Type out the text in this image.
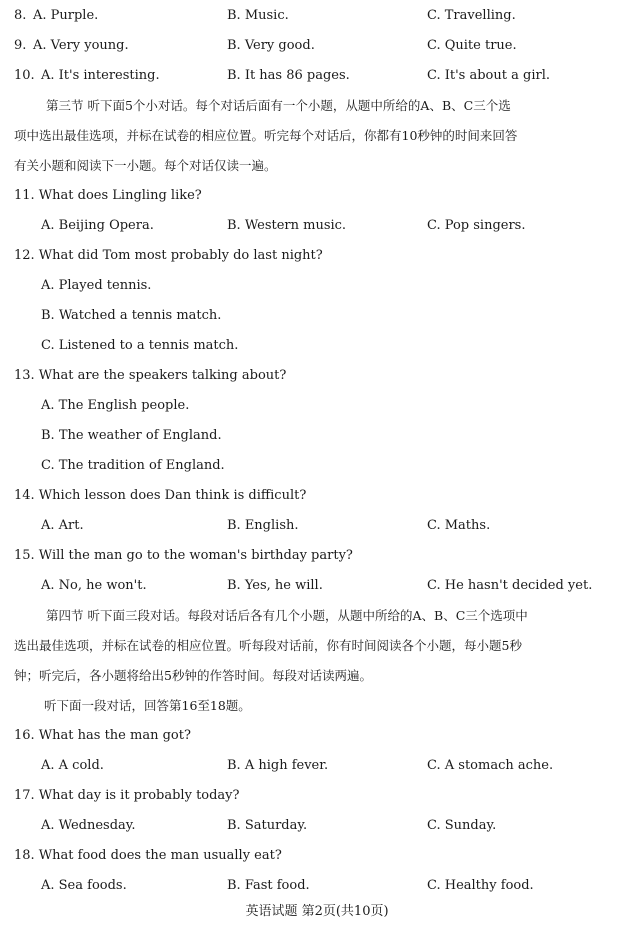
8. A. Purple.	B. Music.	C. Travelling.
9. A. Very young.	B. Very good.	C. Quite true.
10. A. It's interesting.	B. It has 86 pages.	C. It's about a girl.
第三节 听下面5个小对话。每个对话后面有一个小题，从题中所给的A、B、C三个选
项中选出最佳选项，并标在试卷的相应位置。听完每个对话后，你都有10秒钟的时间来回答
有关小题和阅读下一小题。每个对话仅读一遍。
11. What does Lingling like?
A. Beijing Opera.	B. Western music.	C. Pop singers.
12. What did Tom most probably do last night?
A. Played tennis.
B. Watched a tennis match.
C. Listened to a tennis match.
13. What are the speakers talking about?
A. The English people.
B. The weather of England.
C. The tradition of England.
14. Which lesson does Dan think is difficult?
A. Art.	B. English.	C. Maths.
15. Will the man go to the woman's birthday party?
A. No, he won't.	B. Yes, he will.	C. He hasn't decided yet.
第四节 听下面三段对话。每段对话后各有几个小题，从题中所给的A、B、C三个选项中
选出最佳选项，并标在试卷的相应位置。听每段对话前，你有时间阅读各个小题，每小题5秒
钟；听完后，各小题将给出5秒钟的作答时间。每段对话读两遍。
听下面一段对话，回答第16至18题。
16. What has the man got?
A. A cold.	B. A high fever.	C. A stomach ache.
17. What day is it probably today?
A. Wednesday.	B. Saturday.	C. Sunday.
18. What food does the man usually eat?
A. Sea foods.	B. Fast food.	C. Healthy food.
英语试题 第2页(共10页)
